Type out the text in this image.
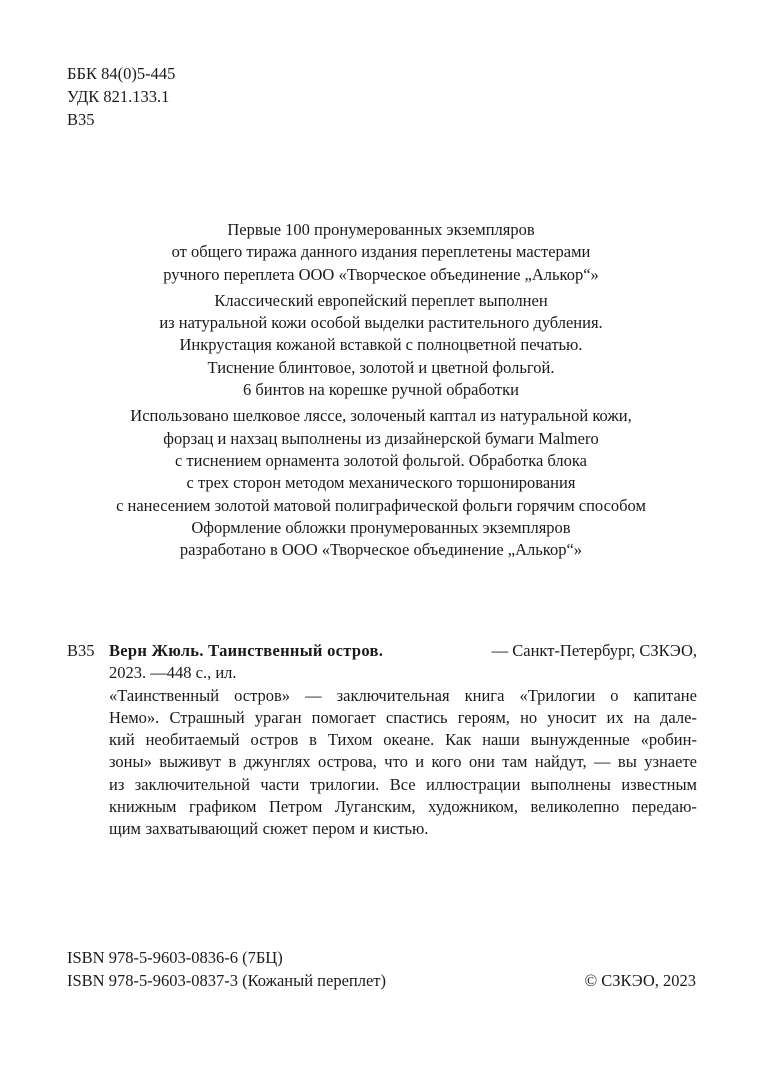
ББК 84(0)5-445
УДК 821.133.1
В35
Первые 100 пронумерованных экземпляров
от общего тиража данного издания переплетены мастерами
ручного переплета ООО «Творческое объединение „Алькор“»
Классический европейский переплет выполнен
из натуральной кожи особой выделки растительного дубления.
Инкрустация кожаной вставкой с полноцветной печатью.
Тиснение блинтовое, золотой и цветной фольгой.
6 бинтов на корешке ручной обработки
Использовано шелковое ляссе, золоченый каптал из натуральной кожи,
форзац и нахзац выполнены из дизайнерской бумаги Malmero
с тиснением орнамента золотой фольгой. Обработка блока
с трех сторон методом механического торшонирования
с нанесением золотой матовой полиграфической фольги горячим способом
Оформление обложки пронумерованных экземпляров
разработано в ООО «Творческое объединение „Алькор“»
В35 Верн Жюль. Таинственный остров.	— Санкт-Петербург, СЗКЭО,
2023. —448 с., ил.
«Таинственный остров» — заключительная книга «Трилогии о капитане
Немо». Страшный ураган помогает спастись героям, но уносит их на далe-
кий необитаемый остров в Тихом океане. Как наши вынужденные «робин-
зоны» выживут в джунглях острова, что и кого они там найдут, — вы узнаете
из заключительной части трилогии. Все иллюстрации выполнены известным
книжным графиком Петром Луганским, художником, великолепно передаю-
щим захватывающий сюжет пером и кистью.
ISBN 978-5-9603-0836-6 (7БЦ)
ISBN 978-5-9603-0837-3 (Кожаный переплет)	© СЗКЭО, 2023
